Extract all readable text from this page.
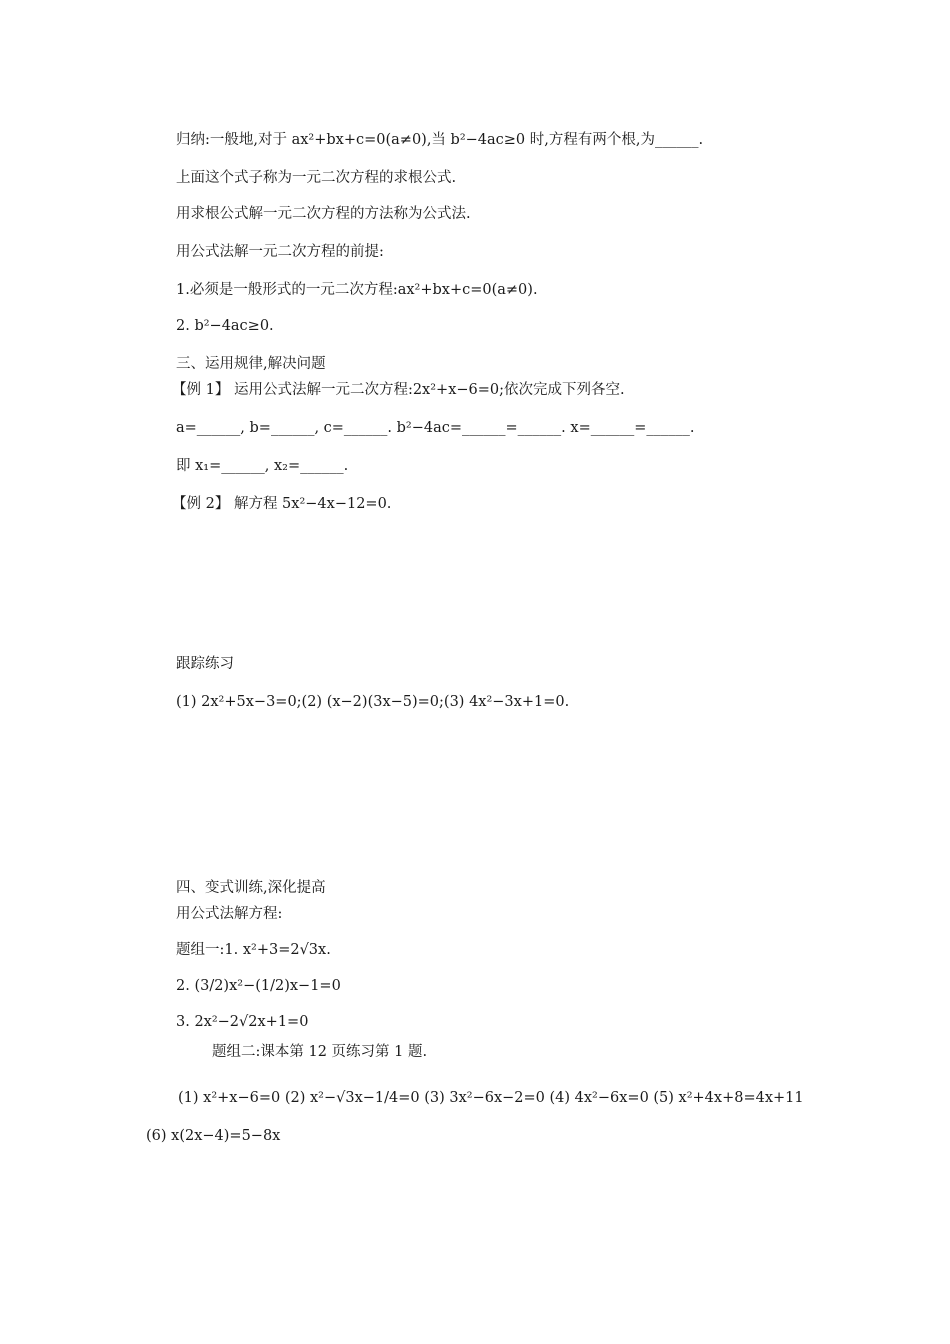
归纳:一般地,对于 ax²+bx+c=0(a≠0),当 b²−4ac≥0 时,方程有两个根,为______.
上面这个式子称为一元二次方程的求根公式.
用求根公式解一元二次方程的方法称为公式法.
用公式法解一元二次方程的前提:
1.必须是一般形式的一元二次方程:ax²+bx+c=0(a≠0).
2. b²−4ac≥0.
三、运用规律,解决问题
【例 1】 运用公式法解一元二次方程:2x²+x−6=0;依次完成下列各空.
a=______, b=______, c=______. b²−4ac=______=______. x=______=______.
即 x₁=______, x₂=______.
【例 2】 解方程 5x²−4x−12=0.
跟踪练习
(1) 2x²+5x−3=0;(2) (x−2)(3x−5)=0;(3) 4x²−3x+1=0.
四、变式训练,深化提高
用公式法解方程:
题组一:1. x²+3=2√3x.
2. (3/2)x²−(1/2)x−1=0
3. 2x²−2√2x+1=0
题组二:课本第 12 页练习第 1 题.
(1) x²+x−6=0 (2) x²−√3x−1/4=0 (3) 3x²−6x−2=0 (4) 4x²−6x=0 (5) x²+4x+8=4x+11
(6) x(2x−4)=5−8x
